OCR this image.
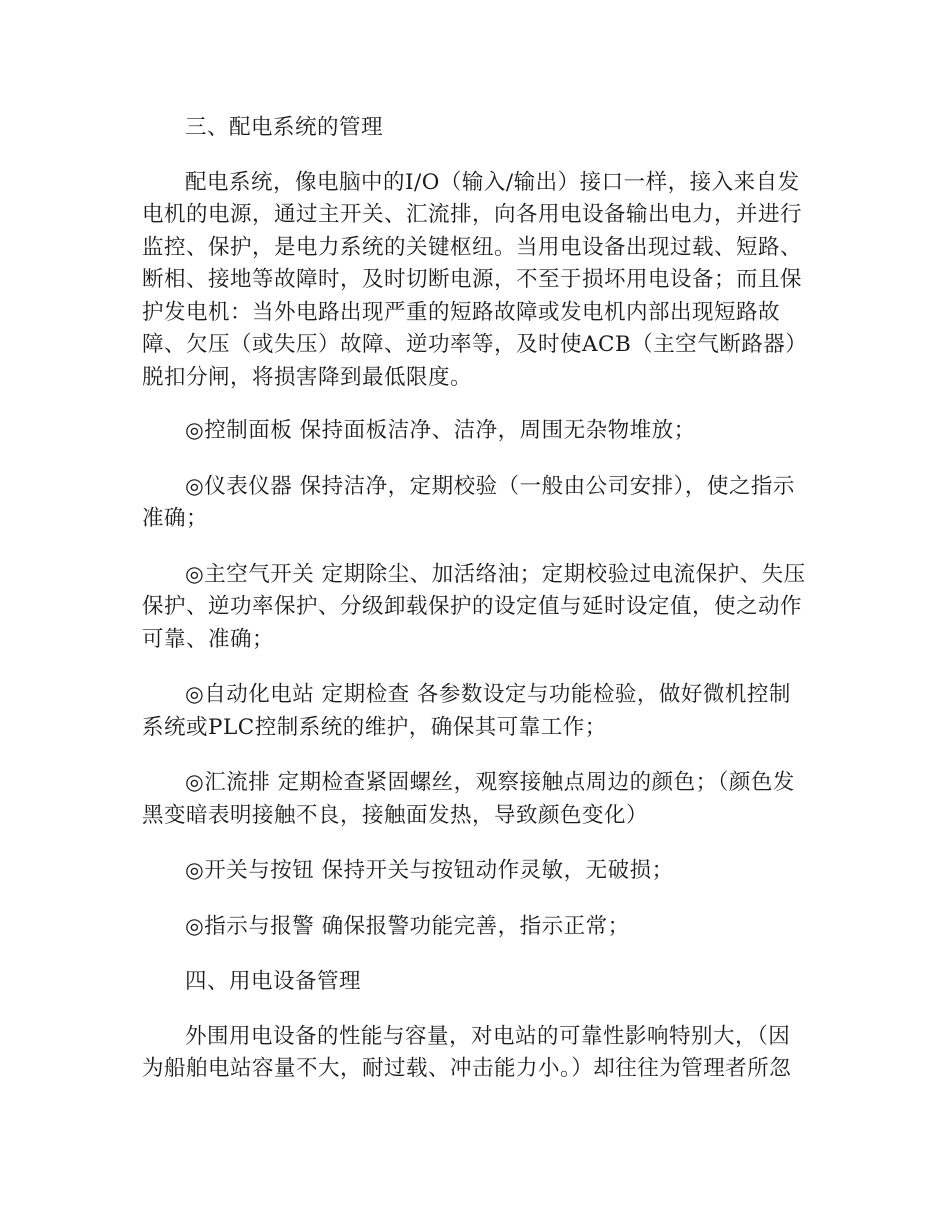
三、配电系统的管理

配电系统，像电脑中的I/O（输入/输出）接口一样，接入来自发电机的电源，通过主开关、汇流排，向各用电设备输出电力，并进行监控、保护，是电力系统的关键枢纽。当用电设备出现过载、短路、断相、接地等故障时，及时切断电源，不至于损坏用电设备；而且保护发电机：当外电路出现严重的短路故障或发电机内部出现短路故障、欠压（或失压）故障、逆功率等，及时使ACB（主空气断路器）脱扣分闸，将损害降到最低限度。

◎控制面板 保持面板洁净、洁净，周围无杂物堆放；

◎仪表仪器 保持洁净，定期校验（一般由公司安排），使之指示准确；

◎主空气开关 定期除尘、加活络油；定期校验过电流保护、失压保护、逆功率保护、分级卸载保护的设定值与延时设定值，使之动作可靠、准确；

◎自动化电站 定期检查 各参数设定与功能检验，做好微机控制系统或PLC控制系统的维护，确保其可靠工作；

◎汇流排 定期检查紧固螺丝，观察接触点周边的颜色；（颜色发黑变暗表明接触不良，接触面发热，导致颜色变化）

◎开关与按钮 保持开关与按钮动作灵敏，无破损；

◎指示与报警 确保报警功能完善，指示正常；

四、用电设备管理

外围用电设备的性能与容量，对电站的可靠性影响特别大，（因为船舶电站容量不大，耐过载、冲击能力小。）却往往为管理者所忽
